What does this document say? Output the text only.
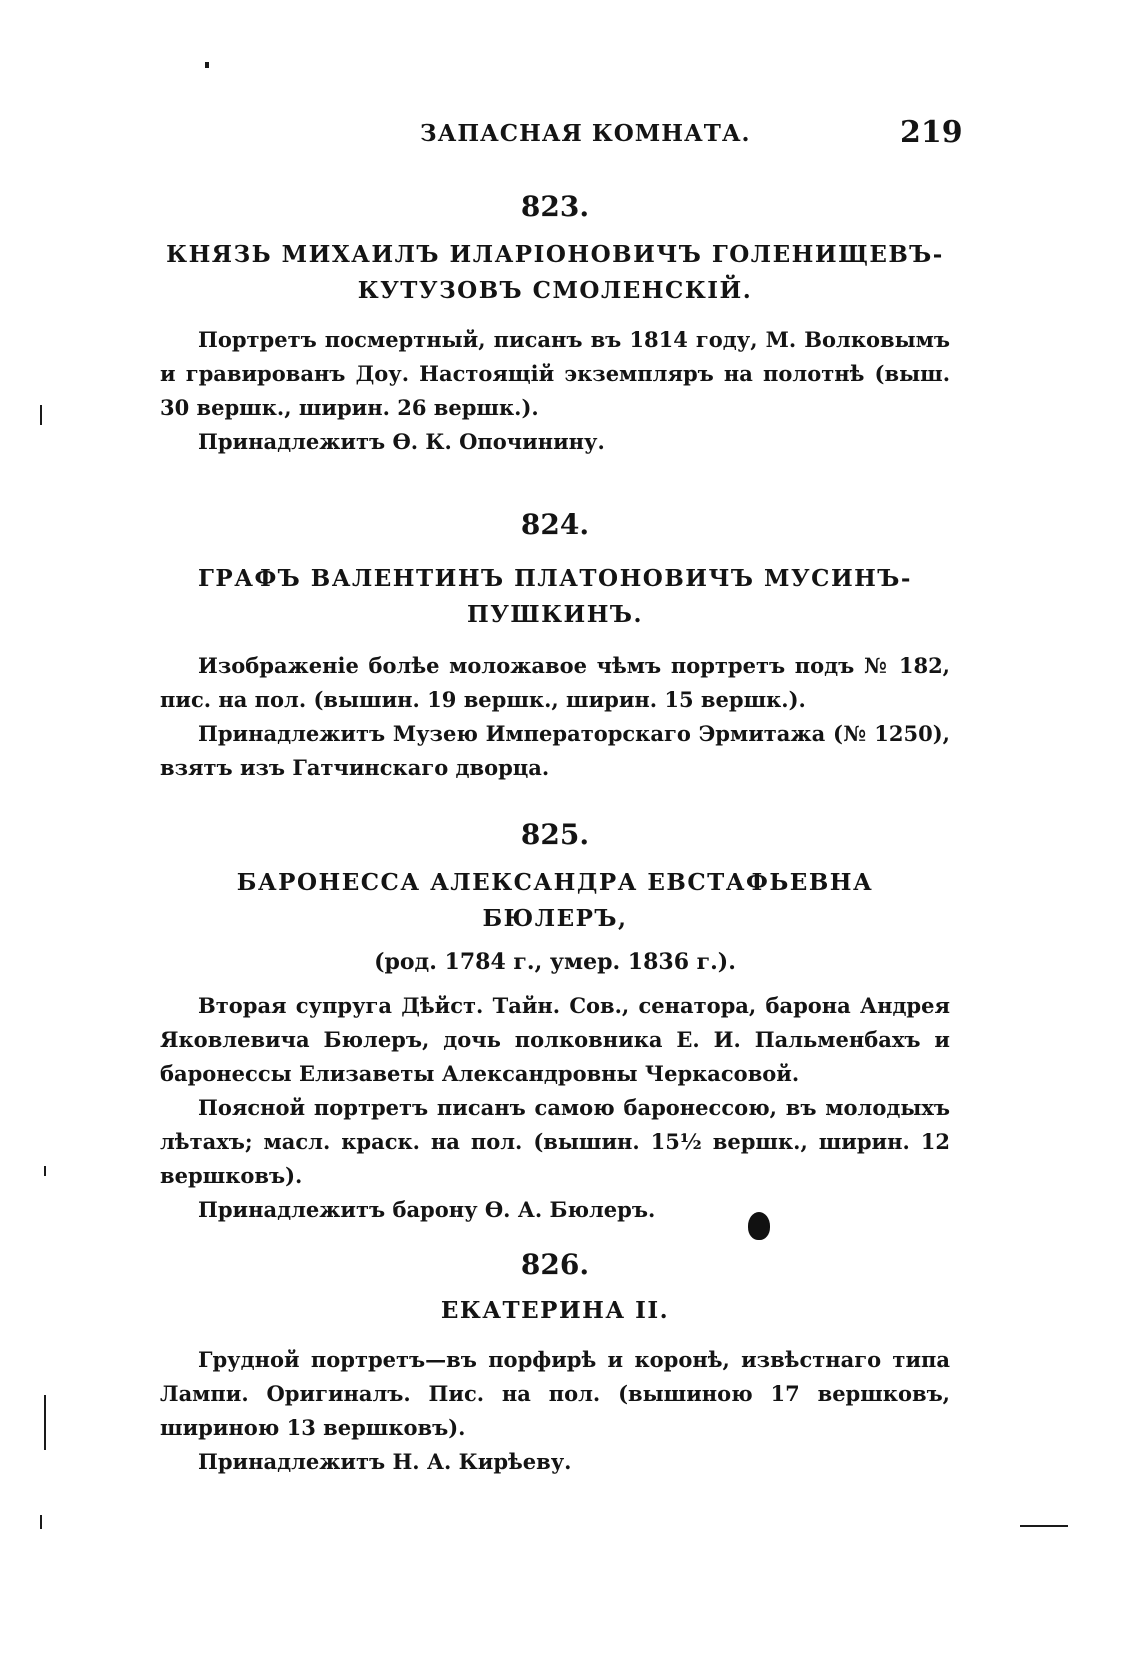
ЗАПАСНАЯ КОМНАТА.	219
823.
КНЯЗЬ МИХАИЛЪ ИЛАРІОНОВИЧЪ ГОЛЕНИЩЕВЪ-КУТУЗОВЪ СМОЛЕНСКІЙ.

Портретъ посмертный, писанъ въ 1814 году, М. Волковымъ и гравированъ Доу. Настоящій экземпляръ на полотнѣ (выш. 30 вершк., ширин. 26 вершк.).

Принадлежитъ Ѳ. К. Опочинину.

824.
ГРАФЪ ВАЛЕНТИНЪ ПЛАТОНОВИЧЪ МУСИНЪ-ПУШКИНЪ.

Изображеніе болѣе моложавое чѣмъ портретъ подъ № 182, пис. на пол. (вышин. 19 вершк., ширин. 15 вершк.).

Принадлежитъ Музею Императорскаго Эрмитажа (№ 1250), взятъ изъ Гатчинскаго дворца.

825.
БАРОНЕССА АЛЕКСАНДРА ЕВСТАФЬЕВНА БЮЛЕРЪ,
(род. 1784 г., умер. 1836 г.).

Вторая супруга Дѣйст. Тайн. Сов., сенатора, барона Андрея Яковлевича Бюлеръ, дочь полковника Е. И. Пальменбахъ и баронессы Елизаветы Александровны Черкасовой.

Поясной портретъ писанъ самою баронессою, въ молодыхъ лѣтахъ; масл. краск. на пол. (вышин. 15½ вершк., ширин. 12 вершковъ).

Принадлежитъ барону Ѳ. А. Бюлеръ.

826.
ЕКАТЕРИНА II.

Грудной портретъ—въ порфирѣ и коронѣ, извѣстнаго типа Лампи. Оригиналъ. Пис. на пол. (вышиною 17 вершковъ, шириною 13 вершковъ).

Принадлежитъ Н. А. Кирѣеву.
